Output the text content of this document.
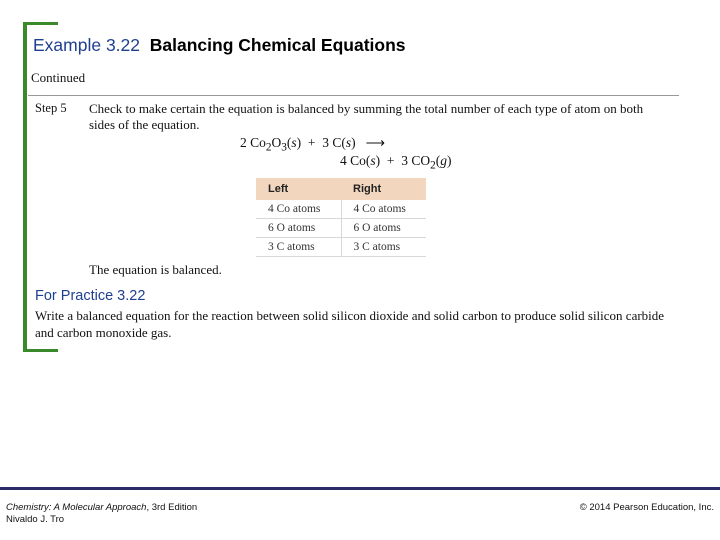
Example 3.22 Balancing Chemical Equations
Continued
Step 5 Check to make certain the equation is balanced by summing the total number of each type of atom on both sides of the equation.
2 $Co_2O_3(s) + 3$ C(s) ⟶
4 Co(s)  +  3 $CO_2(g)$
Left	Right
4 Co atoms	4 Co atoms
6 O atoms	6 O atoms
3 C atoms	3 C atoms
The equation is balanced.
For Practice 3.22
Write a balanced equation for the reaction between solid silicon dioxide and solid carbon to produce solid silicon carbide and carbon monoxide gas.
Chemistry: A Molecular Approach, 3rd Edition
Nivaldo J. Tro
© 2014 Pearson Education, Inc.
